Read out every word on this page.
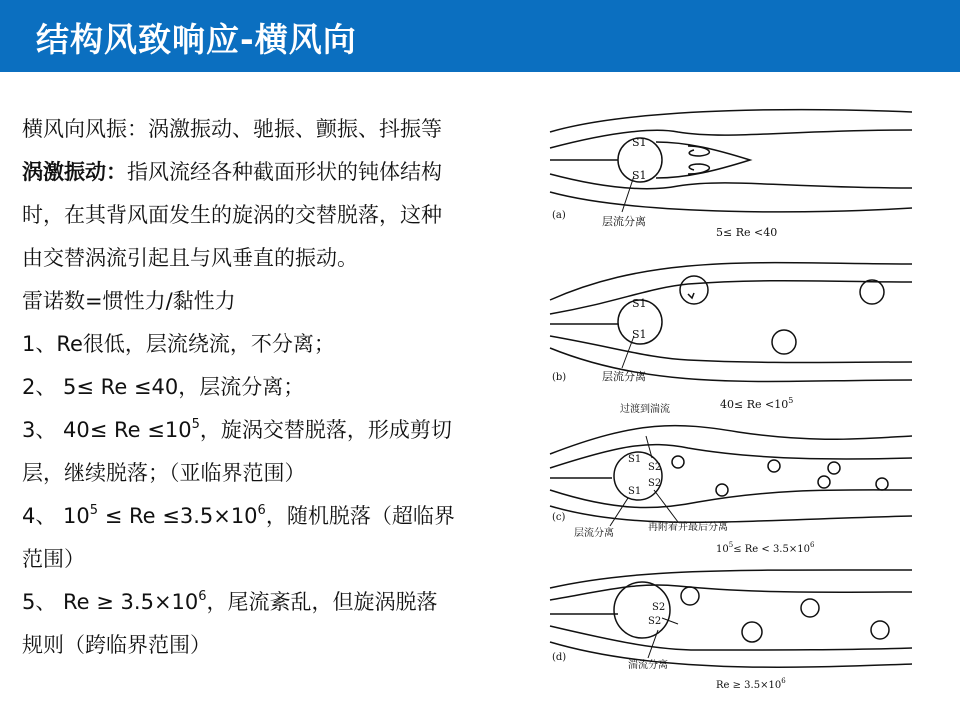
结构风致响应-横风向

横风向风振：涡激振动、驰振、颤振、抖振等

涡激振动：指风流经各种截面形状的钝体结构

时，在其背风面发生的旋涡的交替脱落，这种

由交替涡流引起且与风垂直的振动。

雷诺数=惯性力/黏性力

1、Re很低，层流绕流，不分离；

2、 5≤ Re ≤40，层流分离；

3、 $40\le Re \le 10^5$，旋涡交替脱落，形成剪切

层，继续脱落；（亚临界范围）

4、 $10^5 \le Re \le 3.5\times 10^6$，随机脱落（超临界

范围）

5、 $Re \ge 3.5\times 10^6$，尾流紊乱，但旋涡脱落

规则（跨临界范围）

S1
S1
(a)	层流分离
5≤ Re <40
S1
S1
(b)	层流分离
$40\le Re <10^5$
S1
S2
S2
S1
过渡到湍流
(c)
层流分离
再附着并最后分离
$10^5\le Re < 3.5\times 10^6$
S2
S2
(d)
湍流分离
$Re \ge 3.5\times 10^6$
